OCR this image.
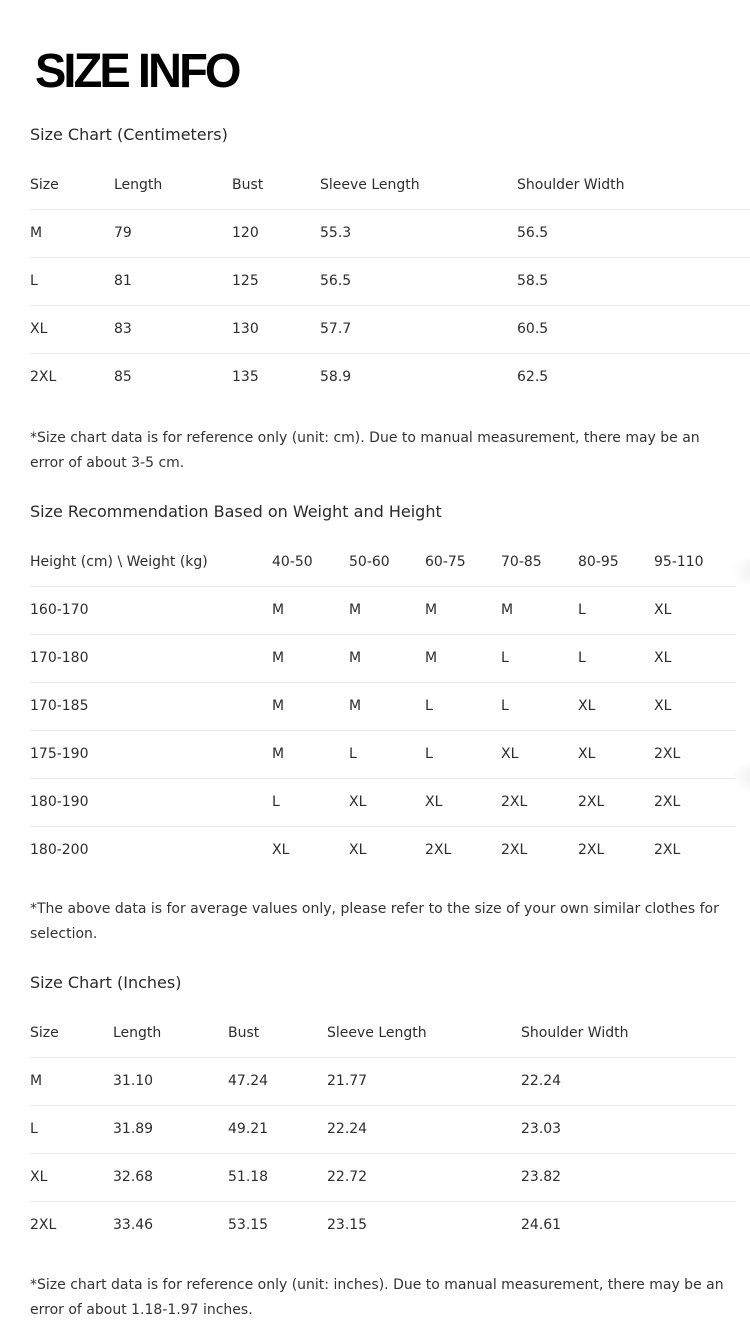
SIZE INFO
Size Chart (Centimeters)
Size	Length	Bust	Sleeve Length	Shoulder Width
M	79	120	55.3	56.5
L	81	125	56.5	58.5
XL	83	130	57.7	60.5
2XL	85	135	58.9	62.5

*Size chart data is for reference only (unit: cm). Due to manual measurement, there may be an error of about 3-5 cm.

Size Recommendation Based on Weight and Height
Height (cm) \ Weight (kg)	40-50	50-60	60-75	70-85	80-95	95-110
160-170	M	M	M	M	L	XL
170-180	M	M	M	L	L	XL
170-185	M	M	L	L	XL	XL
175-190	M	L	L	XL	XL	2XL
180-190	L	XL	XL	2XL	2XL	2XL
180-200	XL	XL	2XL	2XL	2XL	2XL

*The above data is for average values only, please refer to the size of your own similar clothes for selection.

Size Chart (Inches)
Size	Length	Bust	Sleeve Length	Shoulder Width
M	31.10	47.24	21.77	22.24
L	31.89	49.21	22.24	23.03
XL	32.68	51.18	22.72	23.82
2XL	33.46	53.15	23.15	24.61

*Size chart data is for reference only (unit: inches). Due to manual measurement, there may be an error of about 1.18-1.97 inches.
